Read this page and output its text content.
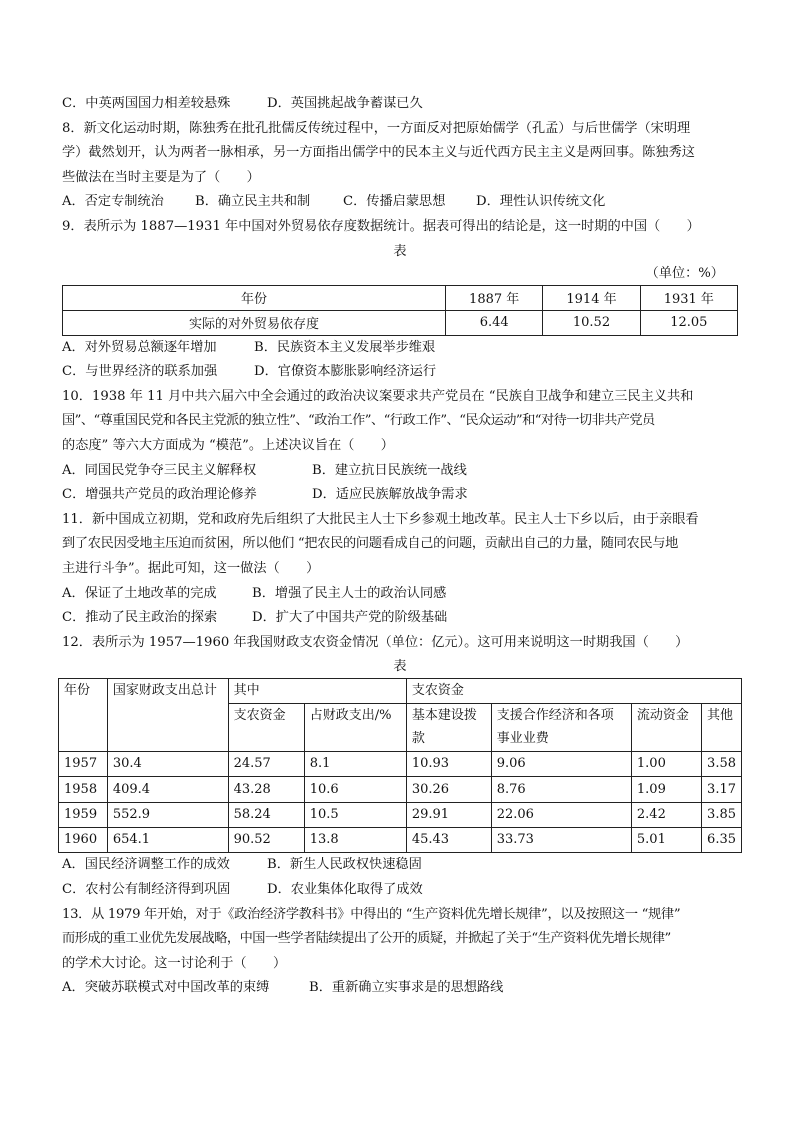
C．中英两国国力相差较悬殊	D．英国挑起战争蓄谋已久
8．新文化运动时期，陈独秀在批孔批儒反传统过程中，一方面反对把原始儒学（孔孟）与后世儒学（宋明理
学）截然划开，认为两者一脉相承，另一方面指出儒学中的民本主义与近代西方民主主义是两回事。陈独秀这
些做法在当时主要是为了（　　）
A．否定专制统治	B．确立民主共和制	C．传播启蒙思想	D．理性认识传统文化
9．表所示为 1887—1931 年中国对外贸易依存度数据统计。据表可得出的结论是，这一时期的中国（　　）
表
（单位：%）
年份	1887 年	1914 年	1931 年
实际的对外贸易依存度	6.44	10.52	12.05
A．对外贸易总额逐年增加	B．民族资本主义发展举步维艰
C．与世界经济的联系加强	D．官僚资本膨胀影响经济运行
10．1938 年 11 月中共六届六中全会通过的政治决议案要求共产党员在 “民族自卫战争和建立三民主义共和
国”、“尊重国民党和各民主党派的独立性”、“政治工作”、“行政工作”、“民众运动”和“对待一切非共产党员
的态度” 等六大方面成为 “模范”。上述决议旨在（　　）
A．同国民党争夺三民主义解释权	B．建立抗日民族统一战线
C．增强共产党员的政治理论修养	D．适应民族解放战争需求
11．新中国成立初期，党和政府先后组织了大批民主人士下乡参观土地改革。民主人士下乡以后，由于亲眼看
到了农民因受地主压迫而贫困，所以他们 “把农民的问题看成自己的问题，贡献出自己的力量，随同农民与地
主进行斗争”。据此可知，这一做法（　　）
A．保证了土地改革的完成	B．增强了民主人士的政治认同感
C．推动了民主政治的探索	D．扩大了中国共产党的阶级基础
12．表所示为 1957—1960 年我国财政支农资金情况（单位：亿元）。这可用来说明这一时期我国（　　）
表
年份	国家财政支出总计	其中		支农资金			
		支农资金	占财政支出/%	基本建设拨款	支援合作经济和各项事业业费	流动资金	其他
1957	30.4	24.57	8.1	10.93	9.06	1.00	3.58
1958	409.4	43.28	10.6	30.26	8.76	1.09	3.17
1959	552.9	58.24	10.5	29.91	22.06	2.42	3.85
1960	654.1	90.52	13.8	45.43	33.73	5.01	6.35
A．国民经济调整工作的成效	B．新生人民政权快速稳固
C．农村公有制经济得到巩固	D．农业集体化取得了成效
13．从 1979 年开始，对于《政治经济学教科书》中得出的 “生产资料优先增长规律”，以及按照这一 “规律”
而形成的重工业优先发展战略，中国一些学者陆续提出了公开的质疑，并掀起了关于“生产资料优先增长规律”
的学术大讨论。这一讨论利于（　　）
A．突破苏联模式对中国改革的束缚	B．重新确立实事求是的思想路线
